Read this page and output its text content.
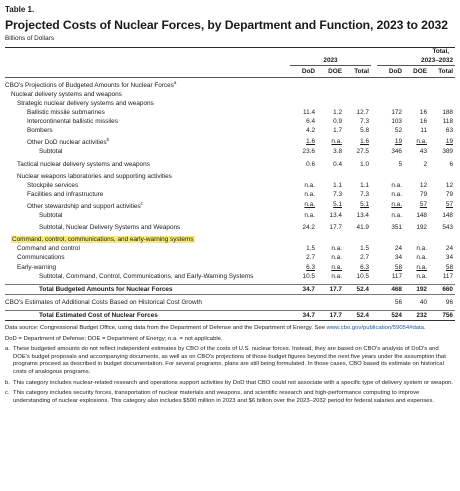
Table 1.
Projected Costs of Nuclear Forces, by Department and Function, 2023 to 2032
Billions of Dollars
					Total,		
	2023				2023–2032		
	DoD	DOE	Total		DoD	DOE	Total
CBO's Projections of Budgeted Amounts for Nuclear Forces$^a$							
Nuclear delivery systems and weapons							
Strategic nuclear delivery systems and weapons							
Ballistic missile submarines	11.4	1.2	12.7		172	16	188
Intercontinental ballistic missiles	6.4	0.9	7.3		103	16	118
Bombers	4.2	1.7	5.8		52	11	63
Other DoD nuclear activities$^b$	1.6	n.a.	1.6		19	n.a.	19
Subtotal	23.6	3.8	27.5		346	43	389

Tactical nuclear delivery systems and weapons	0.6	0.4	1.0		5	2	6

Nuclear weapons laboratories and supporting activities							
Stockpile services	n.a.	1.1	1.1		n.a.	12	12
Facilities and infrastructure	n.a.	7.3	7.3		n.a.	79	79
Other stewardship and support activities$^c$	n.a.	5.1	5.1		n.a.	57	57
Subtotal	n.a.	13.4	13.4		n.a.	148	148

Subtotal, Nuclear Delivery Systems and Weapons	24.2	17.7	41.9		351	192	543

Command, control, communications, and early-warning systems							
Command and control	1.5	n.a.	1.5		24	n.a.	24
Communications	2.7	n.a.	2.7		34	n.a.	34
Early-warning	6.3	n.a.	6.3		58	n.a.	58
Subtotal, Command, Control, Communications, and Early-Warning Systems	10.5	n.a.	10.5		117	n.a.	117

Total Budgeted Amounts for Nuclear Forces	34.7	17.7	52.4		468	192	660

CBO's Estimates of Additional Costs Based on Historical Cost Growth					56	40	96

Total Estimated Cost of Nuclear Forces	34.7	17.7	52.4		524	232	756

Data source: Congressional Budget Office, using data from the Department of Defense and the Department of Energy. See www.cbo.gov/publication/59054#data.

DoD = Department of Defense; DOE = Department of Energy; n.a. = not applicable.

a. These budgeted amounts do not reflect independent estimates by CBO of the costs of U.S. nuclear forces. Instead, they are based on CBO's analysis of DoD's and DOE's budget proposals and accompanying documents, as well as on CBO's projections of those budget figures beyond the next five years under the assumption that programs proceed as described in budget documentation. For several programs, plans are still being formulated. In those cases, CBO based its estimate on historical costs of analogous programs.

b. This category includes nuclear-related research and operations support activities by DoD that CBO could not associate with a specific type of delivery system or weapon.

c. This category includes security forces, transportation of nuclear materials and weapons, and scientific research and high-performance computing to improve understanding of nuclear explosions. This category also includes $500 million in 2023 and $6 billion over the 2023–2032 period for federal salaries and expenses.
